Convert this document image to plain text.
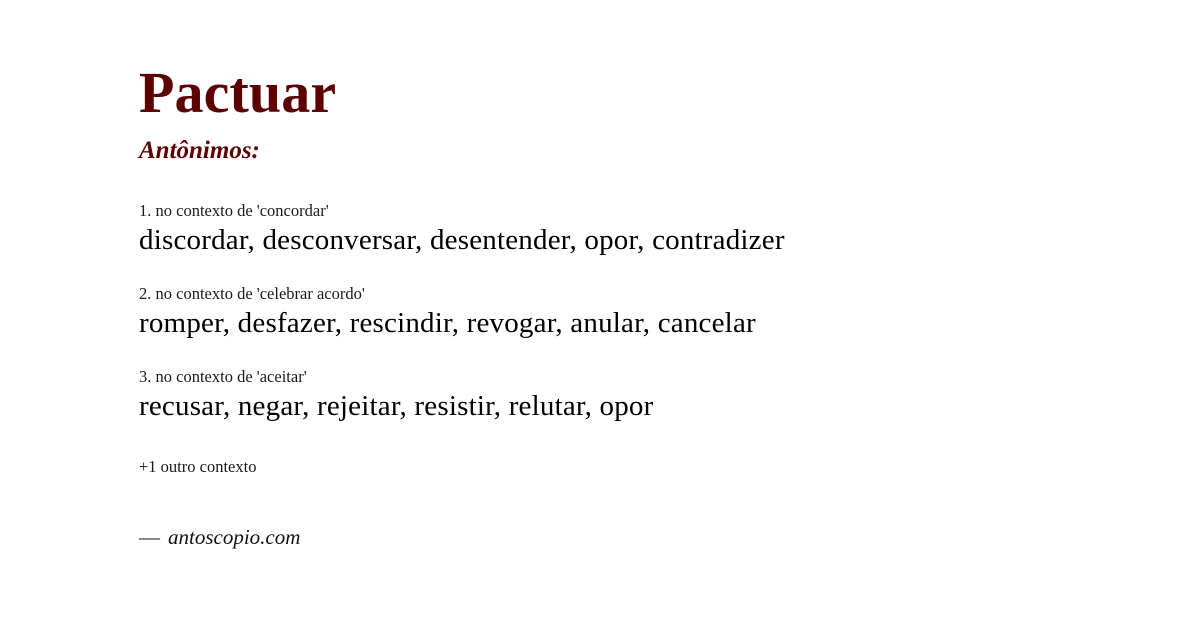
Pactuar
Antônimos:

1. no contexto de 'concordar'

discordar, desconversar, desentender, opor, contradizer

2. no contexto de 'celebrar acordo'

romper, desfazer, rescindir, revogar, anular, cancelar

3. no contexto de 'aceitar'

recusar, negar, rejeitar, resistir, relutar, opor

+1 outro contexto

— antoscopio.com
